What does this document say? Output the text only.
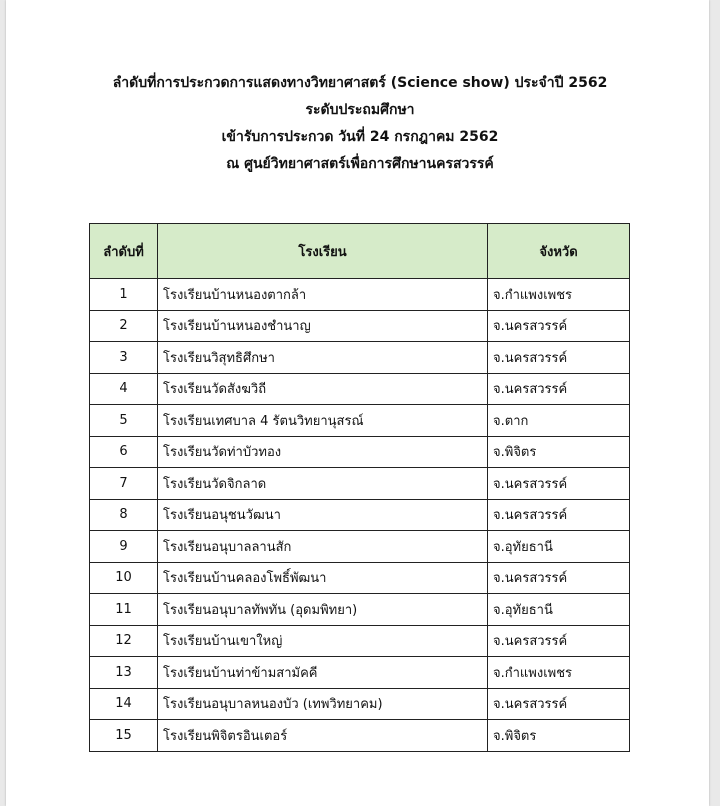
ลำดับที่การประกวดการแสดงทางวิทยาศาสตร์ (Science show) ประจำปี 2562
ระดับประถมศึกษา
เข้ารับการประกวด วันที่ 24 กรกฎาคม 2562
ณ ศูนย์วิทยาศาสตร์เพื่อการศึกษานครสวรรค์
ลำดับที่	โรงเรียน	จังหวัด
1	โรงเรียนบ้านหนองตากล้า	จ.กำแพงเพชร
2	โรงเรียนบ้านหนองชำนาญ	จ.นครสวรรค์
3	โรงเรียนวิสุทธิศึกษา	จ.นครสวรรค์
4	โรงเรียนวัดสังฆวิถี	จ.นครสวรรค์
5	โรงเรียนเทศบาล 4 รัตนวิทยานุสรณ์	จ.ตาก
6	โรงเรียนวัดท่าบัวทอง	จ.พิจิตร
7	โรงเรียนวัดจิกลาด	จ.นครสวรรค์
8	โรงเรียนอนุชนวัฒนา	จ.นครสวรรค์
9	โรงเรียนอนุบาลลานสัก	จ.อุทัยธานี
10	โรงเรียนบ้านคลองโพธิ์พัฒนา	จ.นครสวรรค์
11	โรงเรียนอนุบาลทัพทัน (อุดมพิทยา)	จ.อุทัยธานี
12	โรงเรียนบ้านเขาใหญ่	จ.นครสวรรค์
13	โรงเรียนบ้านท่าข้ามสามัคคี	จ.กำแพงเพชร
14	โรงเรียนอนุบาลหนองบัว (เทพวิทยาคม)	จ.นครสวรรค์
15	โรงเรียนพิจิตรอินเตอร์	จ.พิจิตร
